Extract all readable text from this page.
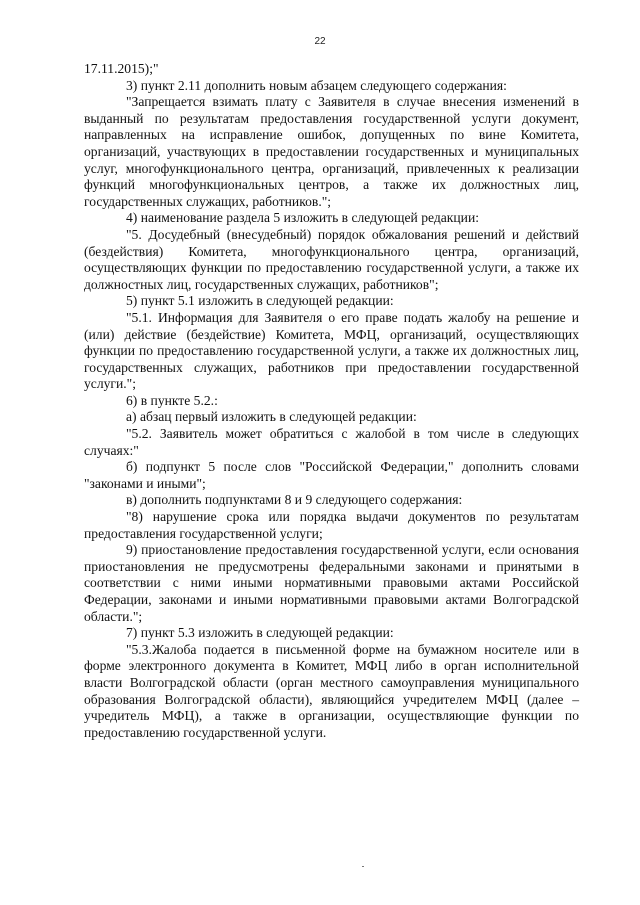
22

17.11.2015);"

3) пункт 2.11 дополнить новым абзацем следующего содержания:

"Запрещается взимать плату с Заявителя в случае внесения изменений в выданный по результатам предоставления государственной услуги документ, направленных на исправление ошибок, допущенных по вине Комитета, организаций, участвующих в предоставлении государственных и муниципальных услуг, многофункционального центра, организаций, привлеченных к реализации функций многофункциональных центров, а также их должностных лиц, государственных служащих, работников.";

4) наименование раздела 5 изложить в следующей редакции:

"5. Досудебный (внесудебный) порядок обжалования решений и действий (бездействия) Комитета, многофункционального центра, организаций, осуществляющих функции по предоставлению государственной услуги, а также их должностных лиц, государственных служащих, работников";

5) пункт 5.1 изложить в следующей редакции:

"5.1. Информация для Заявителя о его праве подать жалобу на решение и (или) действие (бездействие) Комитета, МФЦ, организаций, осуществляющих функции по предоставлению государственной услуги, а также их должностных лиц, государственных служащих, работников при предоставлении государственной услуги.";

6) в пункте 5.2.:

а) абзац первый изложить в следующей редакции:

"5.2. Заявитель может обратиться с жалобой в том числе в следующих случаях:"

б) подпункт 5 после слов "Российской Федерации," дополнить словами "законами и иными";

в) дополнить подпунктами 8 и 9 следующего содержания:

"8) нарушение срока или порядка выдачи документов по результатам предоставления государственной услуги;

9) приостановление предоставления государственной услуги, если основания приостановления не предусмотрены федеральными законами и принятыми в соответствии с ними иными нормативными правовыми актами Российской Федерации, законами и иными нормативными правовыми актами Волгоградской области.";

7) пункт 5.3 изложить в следующей редакции:

"5.3.Жалоба подается в письменной форме на бумажном носителе или в форме электронного документа в Комитет, МФЦ либо в орган исполнительной власти Волгоградской области (орган местного самоуправления муниципального образования Волгоградской области), являющийся учредителем МФЦ (далее – учредитель МФЦ), а также в организации, осуществляющие функции по предоставлению государственной услуги.
